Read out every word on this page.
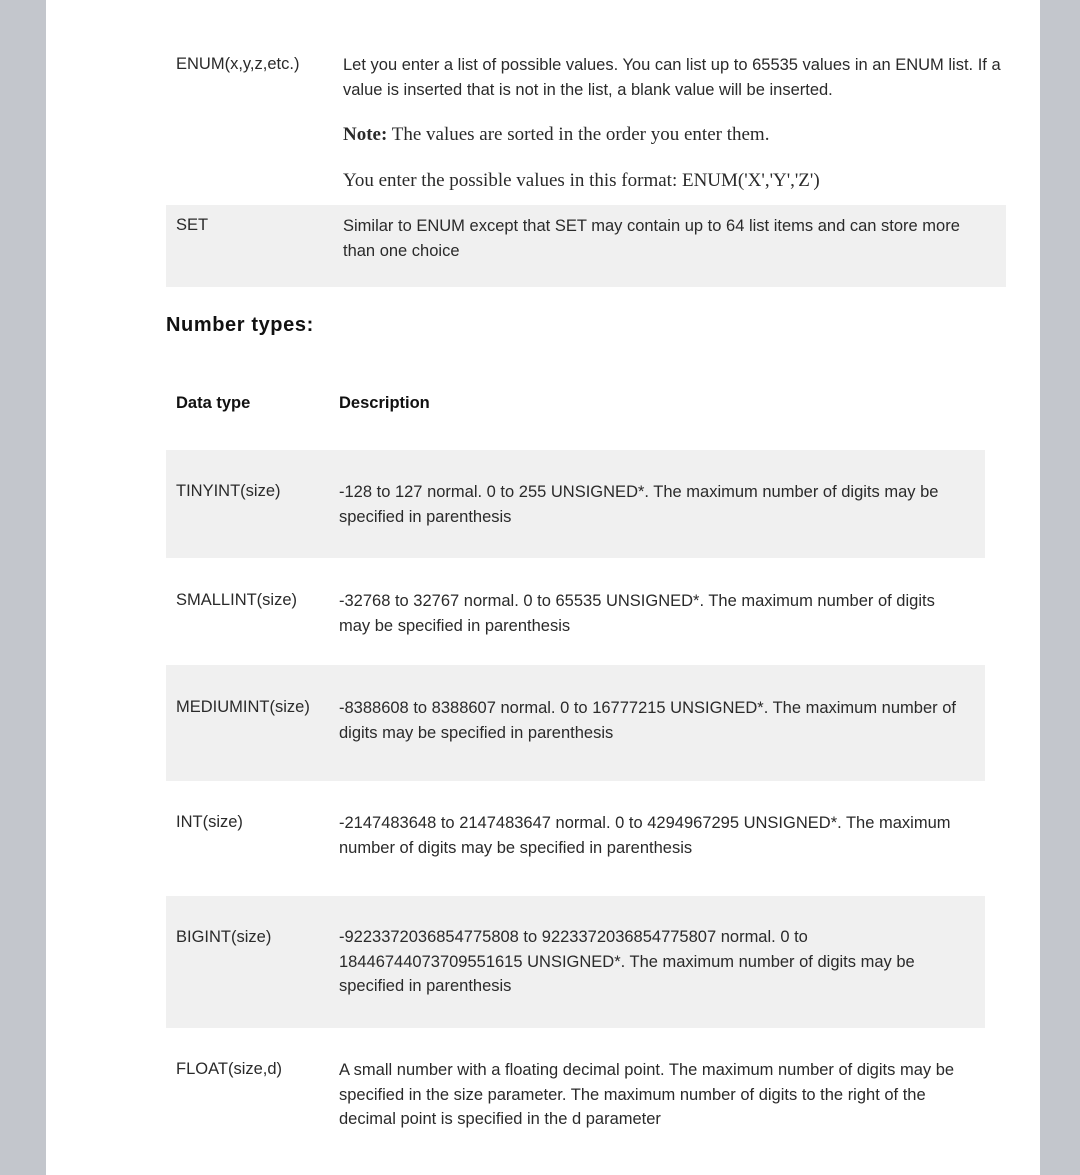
ENUM(x,y,z,etc.)	Let you enter a list of possible values. You can list up to 65535 values in an ENUM list. If a value is inserted that is not in the list, a blank value will be inserted.
Note: The values are sorted in the order you enter them.
You enter the possible values in this format: ENUM('X','Y','Z')
SET	Similar to ENUM except that SET may contain up to 64 list items and can store more than one choice
Number types:
Data type	Description
TINYINT(size)	-128 to 127 normal. 0 to 255 UNSIGNED*. The maximum number of digits may be specified in parenthesis
SMALLINT(size)	-32768 to 32767 normal. 0 to 65535 UNSIGNED*. The maximum number of digits may be specified in parenthesis
MEDIUMINT(size) -8388608 to 8388607 normal. 0 to 16777215 UNSIGNED*. The maximum number of digits may be specified in parenthesis
INT(size)	-2147483648 to 2147483647 normal. 0 to 4294967295 UNSIGNED*. The maximum number of digits may be specified in parenthesis
BIGINT(size)	-9223372036854775808 to 9223372036854775807 normal. 0 to 18446744073709551615 UNSIGNED*. The maximum number of digits may be specified in parenthesis
FLOAT(size,d)	A small number with a floating decimal point. The maximum number of digits may be specified in the size parameter. The maximum number of digits to the right of the decimal point is specified in the d parameter
